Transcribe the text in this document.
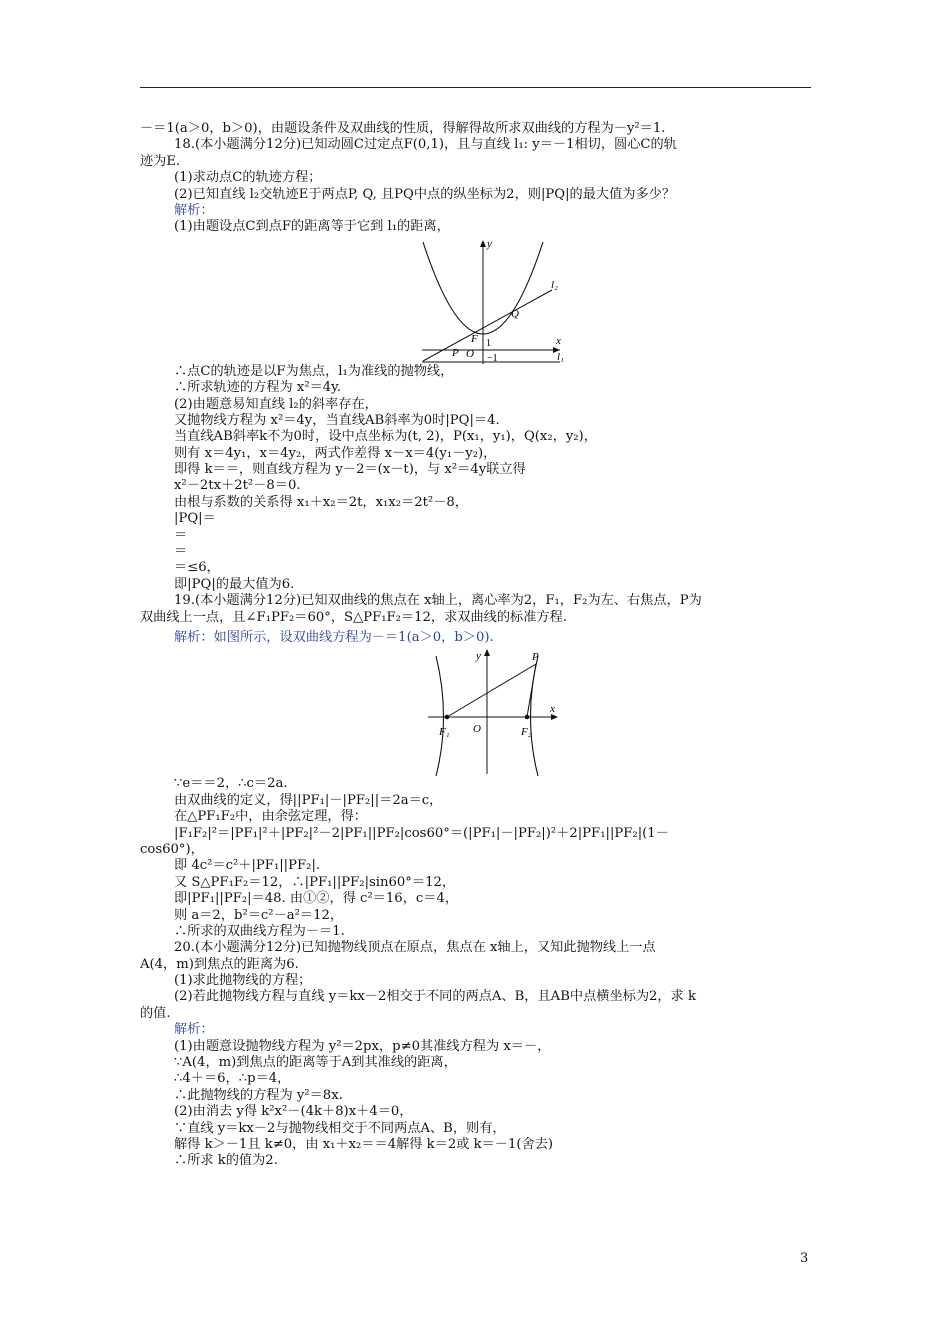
－＝1(a＞0，b＞0)，由题设条件及双曲线的性质，得解得故所求双曲线的方程为－y²＝1.
18.(本小题满分12分)已知动圆C过定点F(0,1)，且与直线 l₁: y＝－1相切，圆心C的轨
迹为E.
(1)求动点C的轨迹方程；
(2)已知直线 l₂交轨迹E于两点P, Q, 且PQ中点的纵坐标为2，则|PQ|的最大值为多少？
解析：
(1)由题设点C到点F的距离等于它到 l₁的距离，
O
y
x
l₂
l₁
Q
F
P
1
−1
∴点C的轨迹是以F为焦点，l₁为准线的抛物线，
∴所求轨迹的方程为 x²＝4y.
(2)由题意易知直线 l₂的斜率存在，
又抛物线方程为 x²＝4y，当直线AB斜率为0时|PQ|＝4.
当直线AB斜率k不为0时，设中点坐标为(t, 2)，P(x₁，y₁)，Q(x₂，y₂)，
则有 x＝4y₁，x＝4y₂，两式作差得 x－x＝4(y₁－y₂)，
即得 k＝＝，则直线方程为 y－2＝(x－t)，与 x²＝4y联立得
x²－2tx＋2t²－8＝0.
由根与系数的关系得 x₁＋x₂＝2t，x₁x₂＝2t²－8，
|PQ|＝
＝
＝
＝≤6，
即|PQ|的最大值为6.
19.(本小题满分12分)已知双曲线的焦点在 x轴上，离心率为2，F₁，F₂为左、右焦点，P为
双曲线上一点，且∠F₁PF₂＝60°，S△PF₁F₂＝12，求双曲线的标准方程.
解析：如图所示，设双曲线方程为－＝1(a＞0，b＞0).
P
y
x
F₁ O	F₂
∵e＝＝2，∴c＝2a.
由双曲线的定义，得||PF₁|－|PF₂||＝2a＝c，
在△PF₁F₂中，由余弦定理，得：
|F₁F₂|²＝|PF₁|²＋|PF₂|²－2|PF₁||PF₂|cos60°＝(|PF₁|－|PF₂|)²＋2|PF₁||PF₂|(1－
cos60°)，
即 4c²＝c²＋|PF₁||PF₂|.
又 S△PF₁F₂＝12，∴|PF₁||PF₂|sin60°＝12，
即|PF₁||PF₂|＝48. 由①②，得 c²＝16，c＝4，
则 a＝2，b²＝c²－a²＝12，
∴所求的双曲线方程为－＝1.
20.(本小题满分12分)已知抛物线顶点在原点，焦点在 x轴上，又知此抛物线上一点
A(4，m)到焦点的距离为6.
(1)求此抛物线的方程；
(2)若此抛物线方程与直线 y＝kx－2相交于不同的两点A、B，且AB中点横坐标为2，求 k
的值.
解析：
(1)由题意设抛物线方程为 y²＝2px，p≠0其准线方程为 x＝－，
∵A(4，m)到焦点的距离等于A到其准线的距离，
∴4＋＝6，∴p＝4，
∴此抛物线的方程为 y²＝8x.
(2)由消去 y得 k²x²－(4k＋8)x＋4＝0，
∵直线 y＝kx－2与抛物线相交于不同两点A、B，则有，
解得 k＞－1且 k≠0，由 x₁＋x₂＝＝4解得 k＝2或 k＝－1(舍去)
∴所求 k的值为2.
3
